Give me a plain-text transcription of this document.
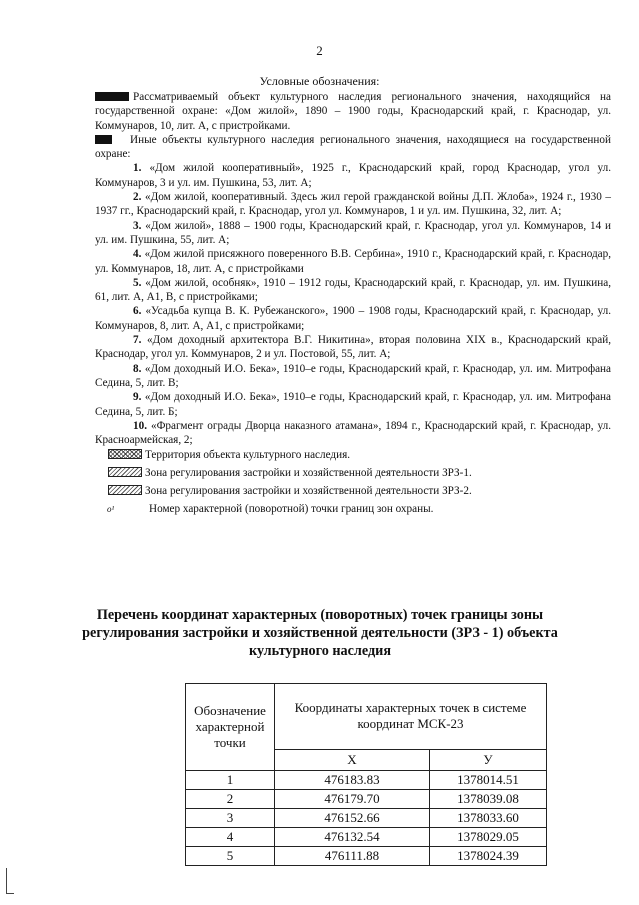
2
Условные обозначения:

Рассматриваемый объект культурного наследия регионального значения, находящийся на государственной охране: «Дом жилой», 1890 – 1900 годы, Краснодарский край, г. Краснодар, ул. Коммунаров, 10, лит. А, с пристройками.

Иные объекты культурного наследия регионального значения, находящиеся на государственной охране:

1. «Дом жилой кооперативный», 1925 г., Краснодарский край, город Краснодар, угол ул. Коммунаров, 3 и ул. им. Пушкина, 53, лит. А;

2. «Дом жилой, кооперативный. Здесь жил герой гражданской войны Д.П. Жлоба», 1924 г., 1930 – 1937 гг., Краснодарский край, г. Краснодар, угол ул. Коммунаров, 1 и ул. им. Пушкина, 32, лит. А;

3. «Дом жилой», 1888 – 1900 годы, Краснодарский край, г. Краснодар, угол ул. Коммунаров, 14 и ул. им. Пушкина, 55, лит. А;

4. «Дом жилой присяжного поверенного В.В. Сербина», 1910 г., Краснодарский край, г. Краснодар, ул. Коммунаров, 18, лит. А, с пристройками

5. «Дом жилой, особняк», 1910 – 1912 годы, Краснодарский край, г. Краснодар, ул. им. Пушкина, 61, лит. А, А1, В, с пристройками;

6. «Усадьба купца В. К. Рубежанского», 1900 – 1908 годы, Краснодарский край, г. Краснодар, ул. Коммунаров, 8, лит. А, А1, с пристройками;

7. «Дом доходный архитектора В.Г. Никитина», вторая половина XIX в., Краснодарский край, Краснодар, угол ул. Коммунаров, 2 и ул. Постовой, 55, лит. А;

8. «Дом доходный И.О. Бека», 1910–е годы, Краснодарский край, г. Краснодар, ул. им. Митрофана Седина, 5, лит. В;

9. «Дом доходный И.О. Бека», 1910–е годы, Краснодарский край, г. Краснодар, ул. им. Митрофана Седина, 5, лит. Б;

10. «Фрагмент ограды Дворца наказного атамана», 1894 г., Краснодарский край, г. Краснодар, ул. Красноармейская, 2;

Территория объекта культурного наследия.
Зона регулирования застройки и хозяйственной деятельности ЗРЗ-1.
Зона регулирования застройки и хозяйственной деятельности ЗРЗ-2.
о¹	Номер характерной (поворотной) точки границ зон охраны.
Перечень координат характерных (поворотных) точек границы зоны регулирования застройки и хозяйственной деятельности (ЗРЗ - 1) объекта культурного наследия
Обозначение характерной точки	Координаты характерных точек в системе координат МСК-23	

	X	У
1	476183.83	1378014.51
2	476179.70	1378039.08
3	476152.66	1378033.60
4	476132.54	1378029.05
5	476111.88	1378024.39
